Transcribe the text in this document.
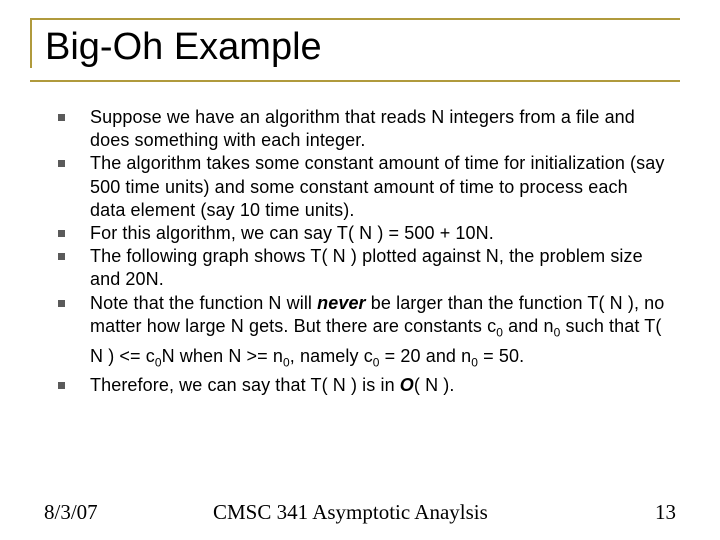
Big-Oh Example
Suppose we have an algorithm that reads N integers from a file and does something with each integer.
The algorithm takes some constant amount of time for initialization (say 500 time units) and some constant amount of time to process each data element (say 10 time units).
For this algorithm, we can say T( N ) = 500 + 10N.
The following graph shows T( N ) plotted against N, the problem size and 20N.
Note that the function N will never be larger than the function T( N ), no matter how large N gets. But there are constants $c_0$ and $n_0$ such that T( N ) <= $c_0N$ when $N >= n_0$, namely $c_0 = 20$ and $n_0 = 50$.
Therefore, we can say that T( N ) is in O( N ).
8/3/07	CMSC 341 Asymptotic Anaylsis	13
